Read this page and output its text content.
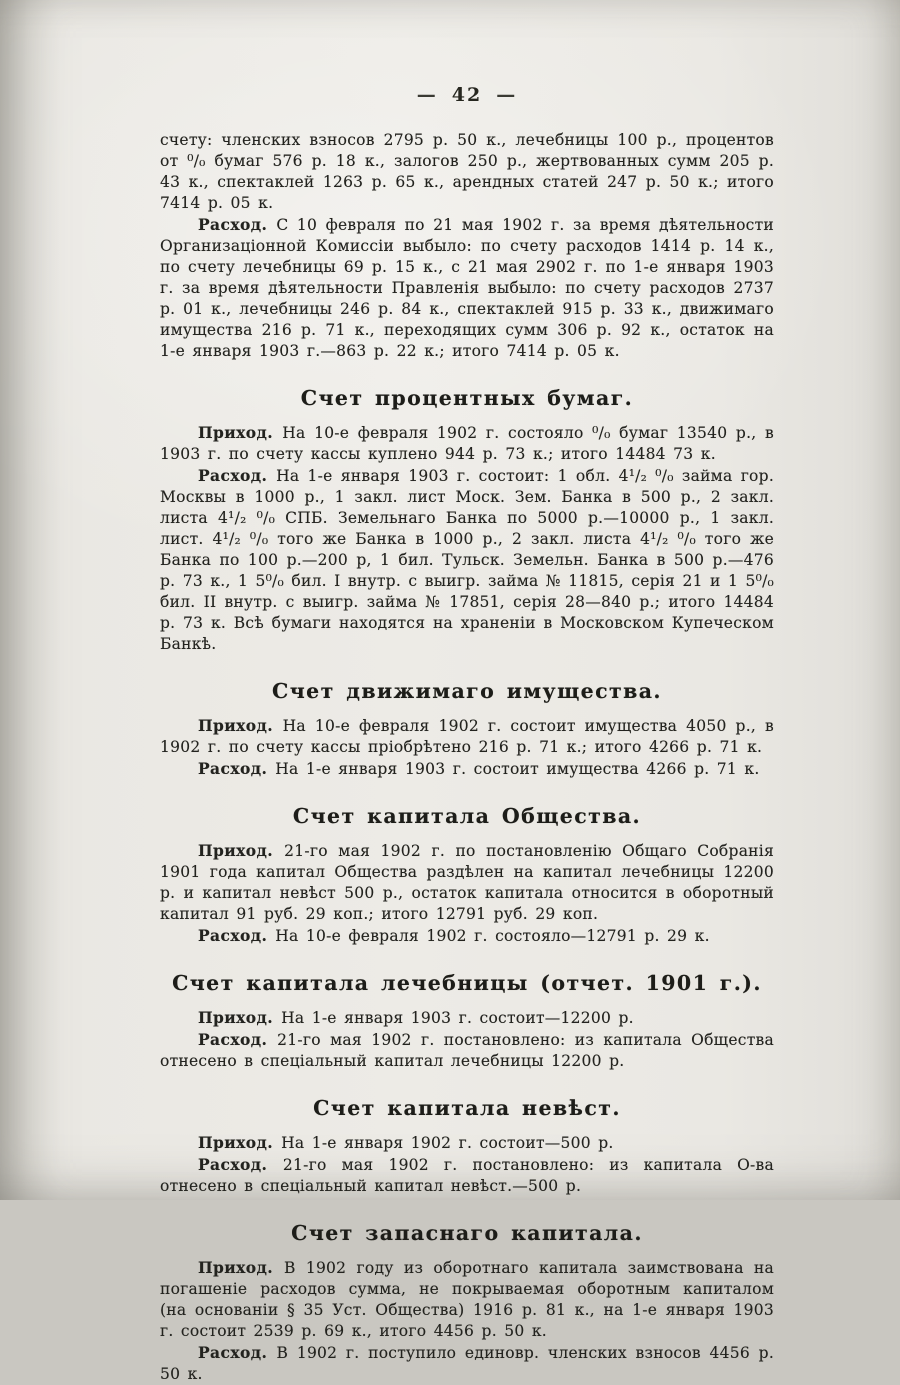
— 42 —

счету: членских взносов 2795 р. 50 к., лечебницы 100 р., процентов от ⁰/₀ бумаг 576 р. 18 к., залогов 250 р., жертвованных сумм 205 р. 43 к., спектаклей 1263 р. 65 к., арендных статей 247 р. 50 к.; итого 7414 р. 05 к.

Расход. С 10 февраля по 21 мая 1902 г. за время дѣятельности Организаціонной Комиссіи выбыло: по счету расходов 1414 р. 14 к., по счету лечебницы 69 р. 15 к., с 21 мая 2902 г. по 1-е января 1903 г. за время дѣятельности Правленія выбыло: по счету расходов 2737 р. 01 к., лечебницы 246 р. 84 к., спектаклей 915 р. 33 к., движимаго имущества 216 р. 71 к., переходящих сумм 306 р. 92 к., остаток на 1-е января 1903 г.—863 р. 22 к.; итого 7414 р. 05 к.

Счет процентных бумаг.

Приход. На 10-е февраля 1902 г. состояло ⁰/₀ бумаг 13540 р., в 1903 г. по счету кассы куплено 944 р. 73 к.; итого 14484 73 к.

Расход. На 1-е января 1903 г. состоит: 1 обл. 4¹/₂ ⁰/₀ займа гор. Москвы в 1000 р., 1 закл. лист Моск. Зем. Банка в 500 р., 2 закл. листа 4¹/₂ ⁰/₀ СПБ. Земельнаго Банка по 5000 р.—10000 р., 1 закл. лист. 4¹/₂ ⁰/₀ того же Банка в 1000 р., 2 закл. листа 4¹/₂ ⁰/₀ того же Банка по 100 р.—200 р, 1 бил. Тульск. Земельн. Банка в 500 р.—476 р. 73 к., 1 5⁰/₀ бил. I внутр. с выигр. займа № 11815, серія 21 и 1 5⁰/₀ бил. II внутр. с выигр. займа № 17851, серія 28—840 р.; итого 14484 р. 73 к. Всѣ бумаги находятся на храненіи в Московском Купеческом Банкѣ.

Счет движимаго имущества.

Приход. На 10-е февраля 1902 г. состоит имущества 4050 р., в 1902 г. по счету кассы пріобрѣтено 216 р. 71 к.; итого 4266 р. 71 к.

Расход. На 1-е января 1903 г. состоит имущества 4266 р. 71 к.

Счет капитала Общества.

Приход. 21-го мая 1902 г. по постановленію Общаго Собранія 1901 года капитал Общества раздѣлен на капитал лечебницы 12200 р. и капитал невѣст 500 р., остаток капитала относится в оборотный капитал 91 руб. 29 коп.; итого 12791 руб. 29 коп.

Расход. На 10-е февраля 1902 г. состояло—12791 р. 29 к.

Счет капитала лечебницы (отчет. 1901 г.).

Приход. На 1-е января 1903 г. состоит—12200 р.

Расход. 21-го мая 1902 г. постановлено: из капитала Общества отнесено в спеціальный капитал лечебницы 12200 р.

Счет капитала невѣст.

Приход. На 1-е января 1902 г. состоит—500 р.

Расход. 21-го мая 1902 г. постановлено: из капитала О-ва отнесено в спеціальный капитал невѣст.—500 р.

Счет запаснаго капитала.

Приход. В 1902 году из оборотнаго капитала заимствована на погашеніе расходов сумма, не покрываемая оборотным капиталом (на основаніи § 35 Уст. Общества) 1916 р. 81 к., на 1-е января 1903 г. состоит 2539 р. 69 к., итого 4456 р. 50 к.

Расход. В 1902 г. поступило единовр. членских взносов 4456 р. 50 к.
